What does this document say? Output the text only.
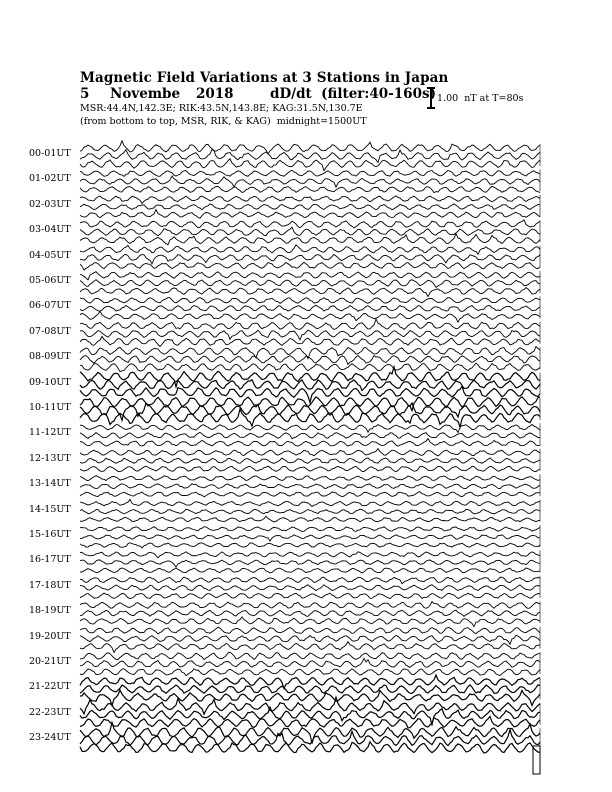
Magnetic Field Variations at 3 Stations in Japan
5 Novembe 2018	dD/dt  (filter:40-160s)
MSR:44.4N,142.3E; RIK:43.5N,143.8E; KAG:31.5N,130.7E
(from bottom to top, MSR, RIK, & KAG)  midnight=1500UT
1.00  nT at T=80s
00-01UT
01-02UT
02-03UT
03-04UT
04-05UT
05-06UT
06-07UT
07-08UT
08-09UT
09-10UT
10-11UT
11-12UT
12-13UT
13-14UT
14-15UT
15-16UT
16-17UT
17-18UT
18-19UT
19-20UT
20-21UT
21-22UT
22-23UT
23-24UT
